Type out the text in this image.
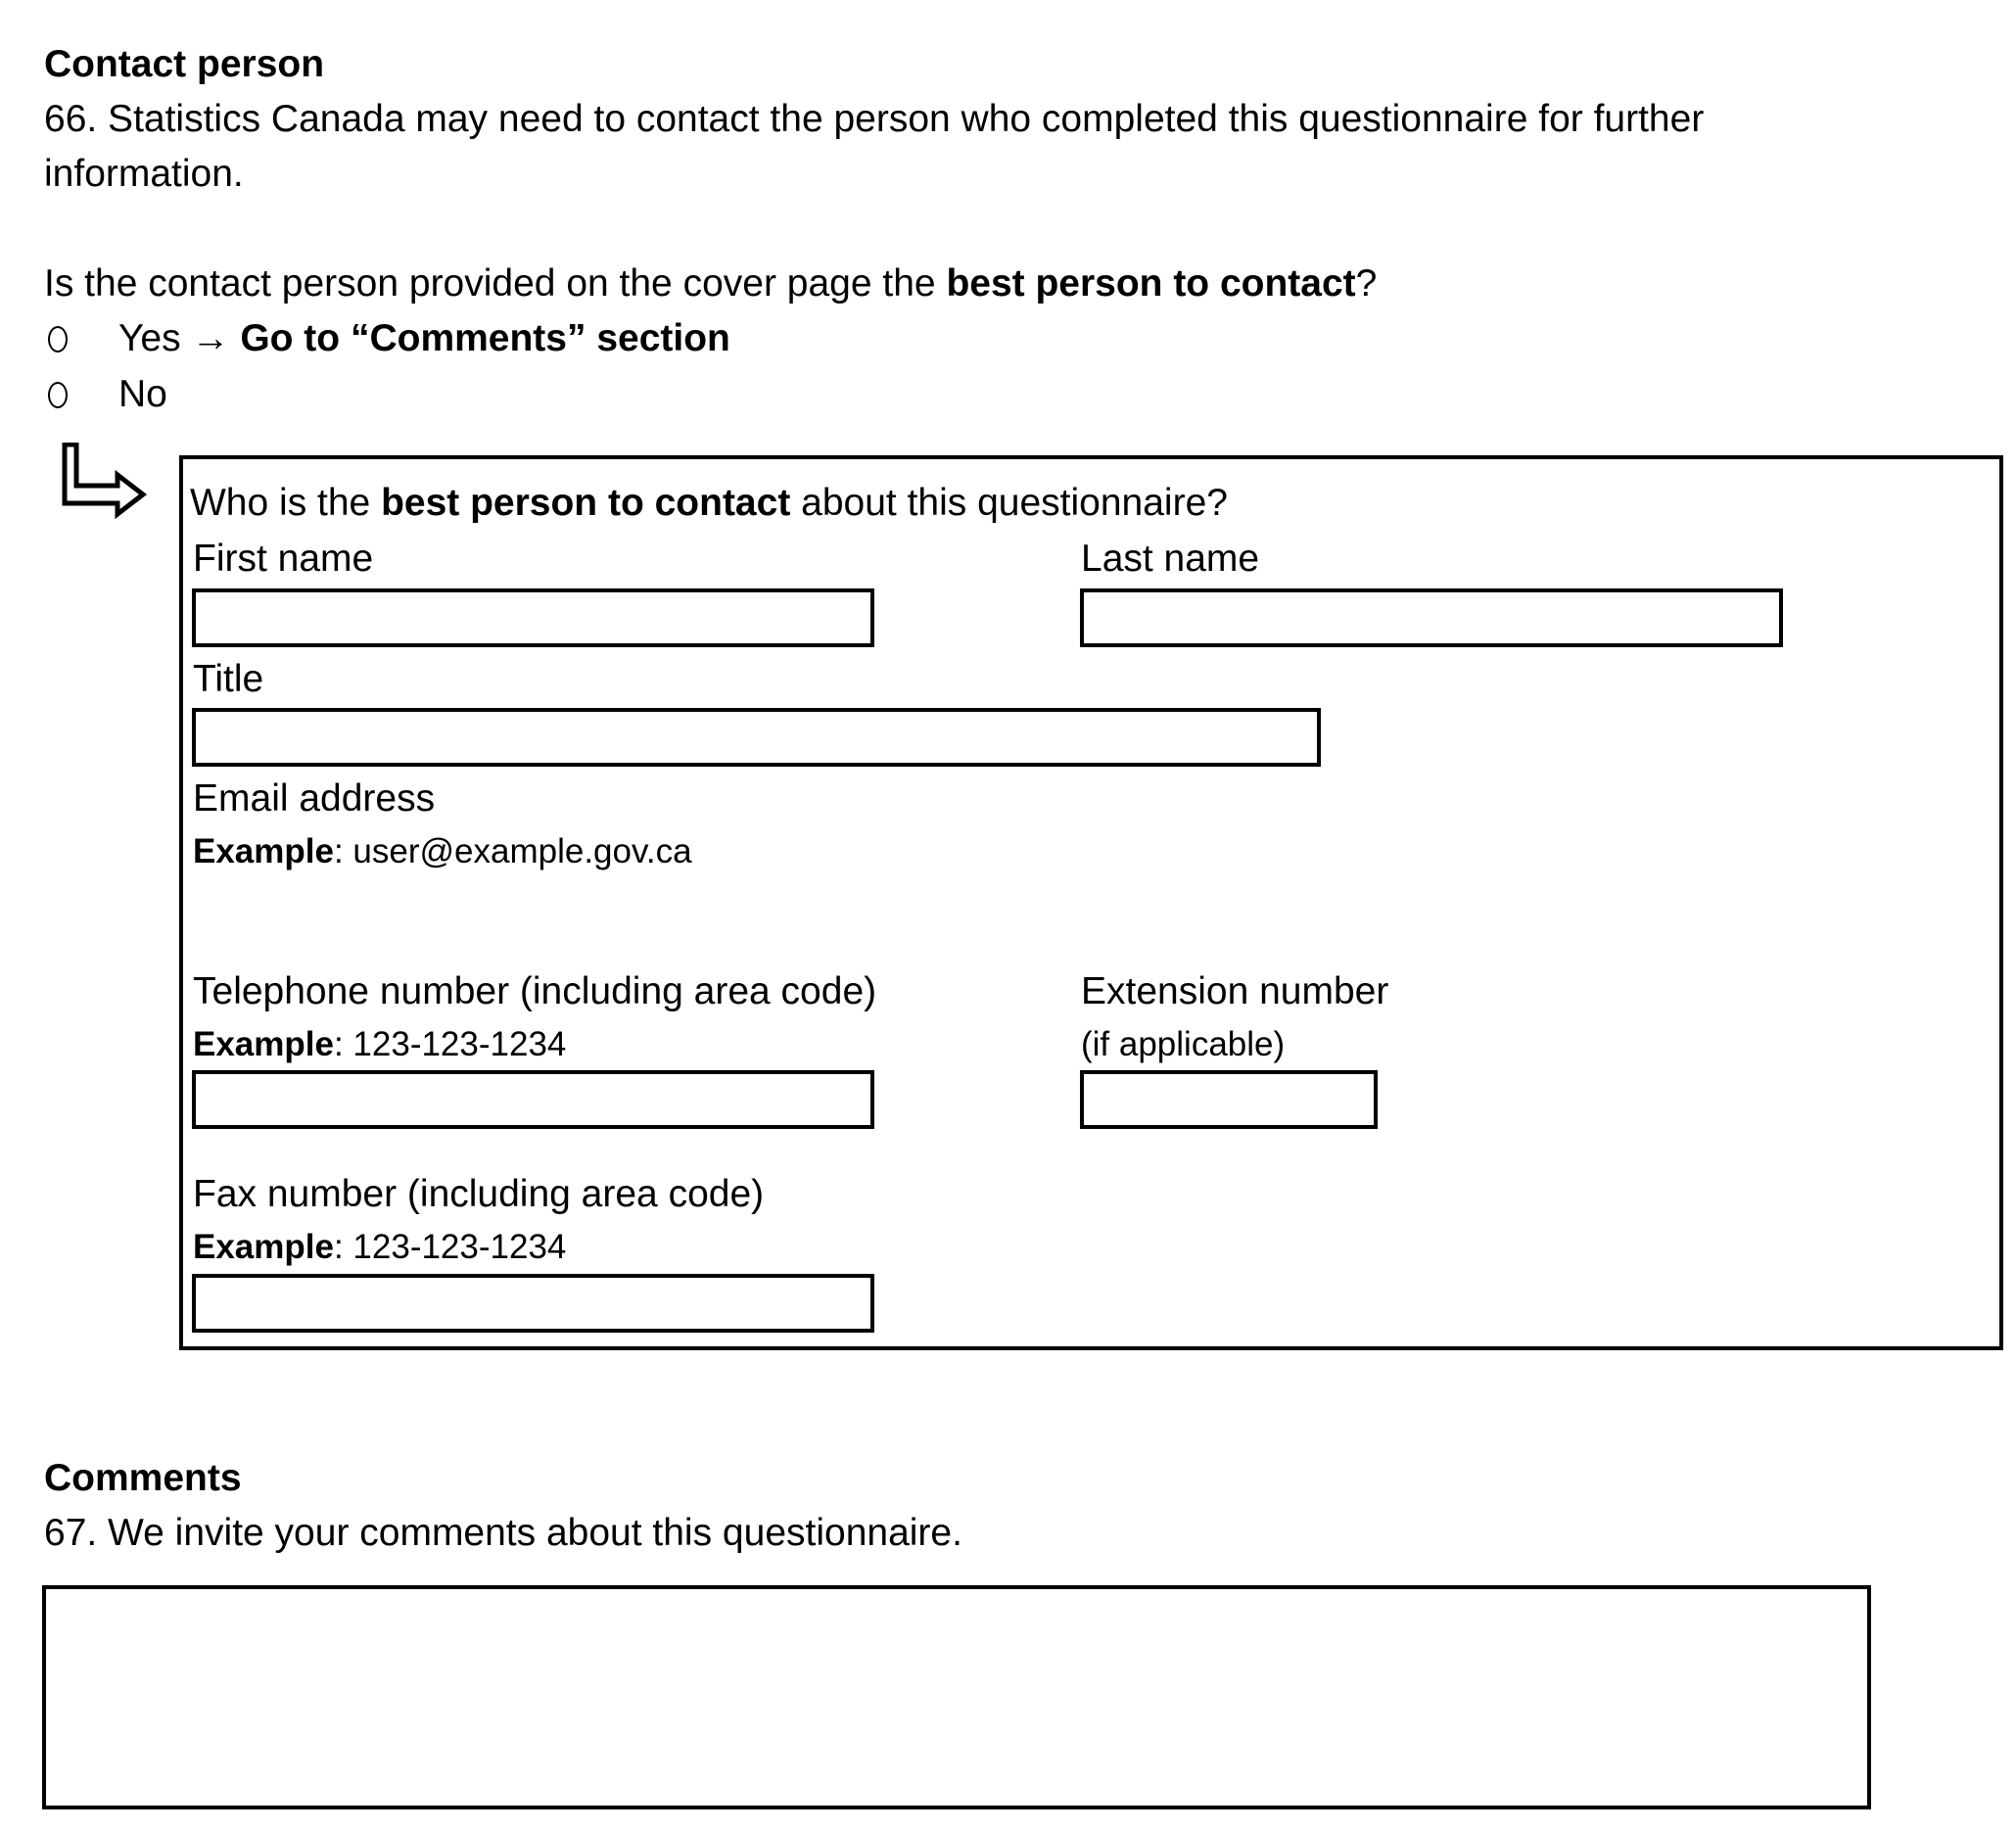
Contact person
66. Statistics Canada may need to contact the person who completed this questionnaire for further
information.
Is the contact person provided on the cover page the best person to contact?
Yes → Go to “Comments” section
No
Who is the best person to contact about this questionnaire?
First name	Last name
Title
Email address
Example: user@example.gov.ca
Telephone number (including area code)
Example: 123-123-1234
Extension number
(if applicable)
Fax number (including area code)
Example: 123-123-1234
Comments
67. We invite your comments about this questionnaire.
